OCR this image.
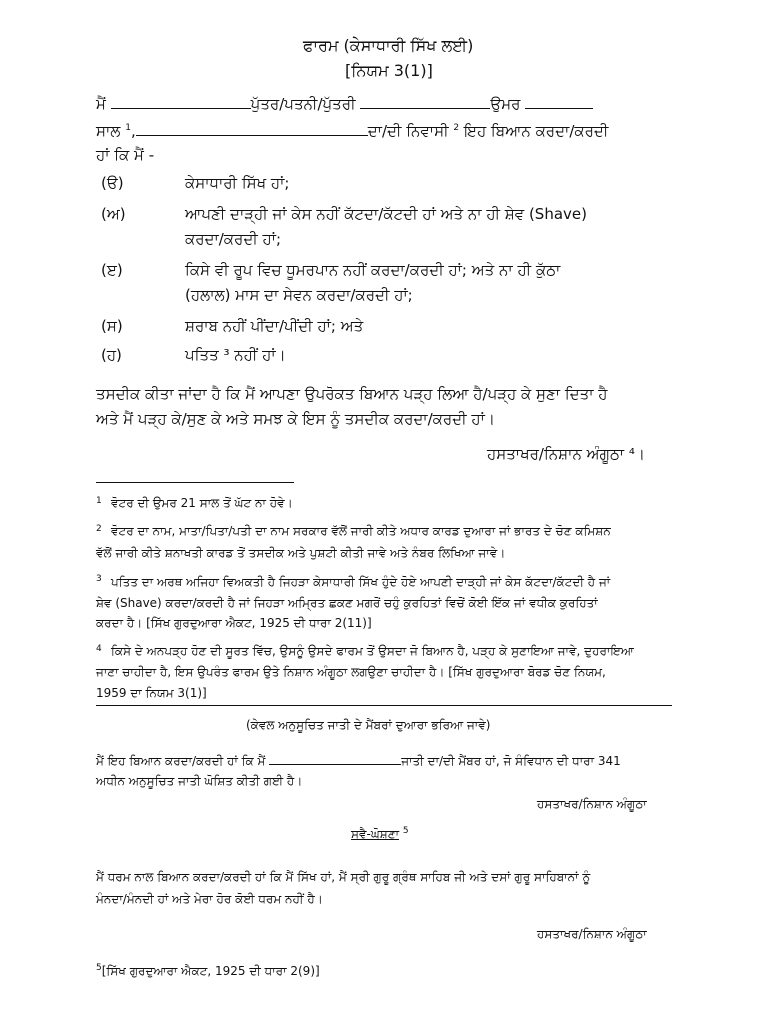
ਫਾਰਮ (ਕੇਸਾਧਾਰੀ ਸਿੱਖ ਲਈ)
[ਨਿਯਮ 3(1)]
ਮੈਂ	ਪੁੱਤਰ/ਪਤਨੀ/ਪੁੱਤਰੀ	ਉਮਰ
ਸਾਲ $^1$,	ਦਾ/ਦੀ ਨਿਵਾਸੀ $^2$ ਇਹ ਬਿਆਨ ਕਰਦਾ/ਕਰਦੀ
ਹਾਂ ਕਿ ਮੈਂ -
(ੳ)	ਕੇਸਾਧਾਰੀ ਸਿੱਖ ਹਾਂ;
(ਅ)	ਆਪਣੀ ਦਾੜ੍ਹੀ ਜਾਂ ਕੇਸ ਨਹੀਂ ਕੱਟਦਾ/ਕੱਟਦੀ ਹਾਂ ਅਤੇ ਨਾ ਹੀ ਸ਼ੇਵ (Shave)
ਕਰਦਾ/ਕਰਦੀ ਹਾਂ;
(ੲ)	ਕਿਸੇ ਵੀ ਰੂਪ ਵਿਚ ਧੂਮਰਪਾਨ ਨਹੀਂ ਕਰਦਾ/ਕਰਦੀ ਹਾਂ; ਅਤੇ ਨਾ ਹੀ ਕੁੱਠਾ
(ਹਲਾਲ) ਮਾਸ ਦਾ ਸੇਵਨ ਕਰਦਾ/ਕਰਦੀ ਹਾਂ;
(ਸ)	ਸ਼ਰਾਬ ਨਹੀਂ ਪੀਂਦਾ/ਪੀਂਦੀ ਹਾਂ; ਅਤੇ
(ਹ)	ਪਤਿਤ ³ ਨਹੀਂ ਹਾਂ।
ਤਸਦੀਕ ਕੀਤਾ ਜਾਂਦਾ ਹੈ ਕਿ ਮੈਂ ਆਪਣਾ ਉਪਰੋਕਤ ਬਿਆਨ ਪੜ੍ਹ ਲਿਆ ਹੈ/ਪੜ੍ਹ ਕੇ ਸੁਣਾ ਦਿਤਾ ਹੈ
ਅਤੇ ਮੈਂ ਪੜ੍ਹ ਕੇ/ਸੁਣ ਕੇ ਅਤੇ ਸਮਝ ਕੇ ਇਸ ਨੂੰ ਤਸਦੀਕ ਕਰਦਾ/ਕਰਦੀ ਹਾਂ।
ਹਸਤਾਖਰ/ਨਿਸ਼ਾਨ ਅੰਗੂਠਾ ⁴।
1 ਵੋਟਰ ਦੀ ਉਮਰ 21 ਸਾਲ ਤੋਂ ਘੱਟ ਨਾ ਹੋਵੇ।
2 ਵੋਟਰ ਦਾ ਨਾਮ, ਮਾਤਾ/ਪਿਤਾ/ਪਤੀ ਦਾ ਨਾਮ ਸਰਕਾਰ ਵੱਲੋਂ ਜਾਰੀ ਕੀਤੇ ਅਧਾਰ ਕਾਰਡ ਦੁਆਰਾ ਜਾਂ ਭਾਰਤ ਦੇ ਚੋਣ ਕਮਿਸ਼ਨ
ਵੱਲੋਂ ਜਾਰੀ ਕੀਤੇ ਸ਼ਨਾਖਤੀ ਕਾਰਡ ਤੋਂ ਤਸਦੀਕ ਅਤੇ ਪੁਸ਼ਟੀ ਕੀਤੀ ਜਾਵੇ ਅਤੇ ਨੰਬਰ ਲਿਖਿਆ ਜਾਵੇ।
3 ਪਤਿਤ ਦਾ ਅਰਥ ਅਜਿਹਾ ਵਿਅਕਤੀ ਹੈ ਜਿਹੜਾ ਕੇਸਾਧਾਰੀ ਸਿੱਖ ਹੁੰਦੇ ਹੋਏ ਆਪਣੀ ਦਾੜ੍ਹੀ ਜਾਂ ਕੇਸ ਕੱਟਦਾ/ਕੱਟਦੀ ਹੈ ਜਾਂ
ਸ਼ੇਵ (Shave) ਕਰਦਾ/ਕਰਦੀ ਹੈ ਜਾਂ ਜਿਹੜਾ ਅਮ੍ਰਿਤ ਛਕਣ ਮਗਰੋਂ ਚਹੁੰ ਕੁਰਹਿਤਾਂ ਵਿਚੋਂ ਕੋਈ ਇੱਕ ਜਾਂ ਵਧੀਕ ਕੁਰਹਿਤਾਂ
ਕਰਦਾ ਹੈ। [ਸਿੱਖ ਗੁਰਦੁਆਰਾ ਐਕਟ, 1925 ਦੀ ਧਾਰਾ 2(11)]
4 ਕਿਸੇ ਦੇ ਅਨਪੜ੍ਹ ਹੋਣ ਦੀ ਸੂਰਤ ਵਿੱਚ, ਉਸਨੂੰ ਉਸਦੇ ਫਾਰਮ ਤੋਂ ਉਸਦਾ ਜੋ ਬਿਆਨ ਹੈ, ਪੜ੍ਹ ਕੇ ਸੁਣਾਇਆ ਜਾਵੇ, ਦੁਹਰਾਇਆ
ਜਾਣਾ ਚਾਹੀਦਾ ਹੈ, ਇਸ ਉਪਰੰਤ ਫਾਰਮ ਉਤੇ ਨਿਸ਼ਾਨ ਅੰਗੂਠਾ ਲਗਉਣਾ ਚਾਹੀਦਾ ਹੈ। [ਸਿੱਖ ਗੁਰਦੁਆਰਾ ਬੋਰਡ ਚੋਣ ਨਿਯਮ,
1959 ਦਾ ਨਿਯਮ 3(1)]
(ਕੇਵਲ ਅਨੁਸੂਚਿਤ ਜਾਤੀ ਦੇ ਮੈਂਬਰਾਂ ਦੁਆਰਾ ਭਰਿਆ ਜਾਵੇ)
ਮੈਂ ਇਹ ਬਿਆਨ ਕਰਦਾ/ਕਰਦੀ ਹਾਂ ਕਿ ਮੈਂ	ਜਾਤੀ ਦਾ/ਦੀ ਮੈਂਬਰ ਹਾਂ, ਜੋ ਸੰਵਿਧਾਨ ਦੀ ਧਾਰਾ 341
ਅਧੀਨ ਅਨੁਸੂਚਿਤ ਜਾਤੀ ਘੋਸ਼ਿਤ ਕੀਤੀ ਗਈ ਹੈ।
ਹਸਤਾਖਰ/ਨਿਸ਼ਾਨ ਅੰਗੂਠਾ
ਸਵੈ-ਘੋਸ਼ਣਾ $^5$
ਮੈਂ ਧਰਮ ਨਾਲ ਬਿਆਨ ਕਰਦਾ/ਕਰਦੀ ਹਾਂ ਕਿ ਮੈਂ ਸਿੱਖ ਹਾਂ, ਮੈਂ ਸ੍ਰੀ ਗੁਰੂ ਗ੍ਰੰਥ ਸਾਹਿਬ ਜੀ ਅਤੇ ਦਸਾਂ ਗੁਰੂ ਸਾਹਿਬਾਨਾਂ ਨੂੰ
ਮੰਨਦਾ/ਮੰਨਦੀ ਹਾਂ ਅਤੇ ਮੇਰਾ ਹੋਰ ਕੋਈ ਧਰਮ ਨਹੀਂ ਹੈ।
ਹਸਤਾਖਰ/ਨਿਸ਼ਾਨ ਅੰਗੂਠਾ
$^5$[ਸਿੱਖ ਗੁਰਦੁਆਰਾ ਐਕਟ, 1925 ਦੀ ਧਾਰਾ 2(9)]
